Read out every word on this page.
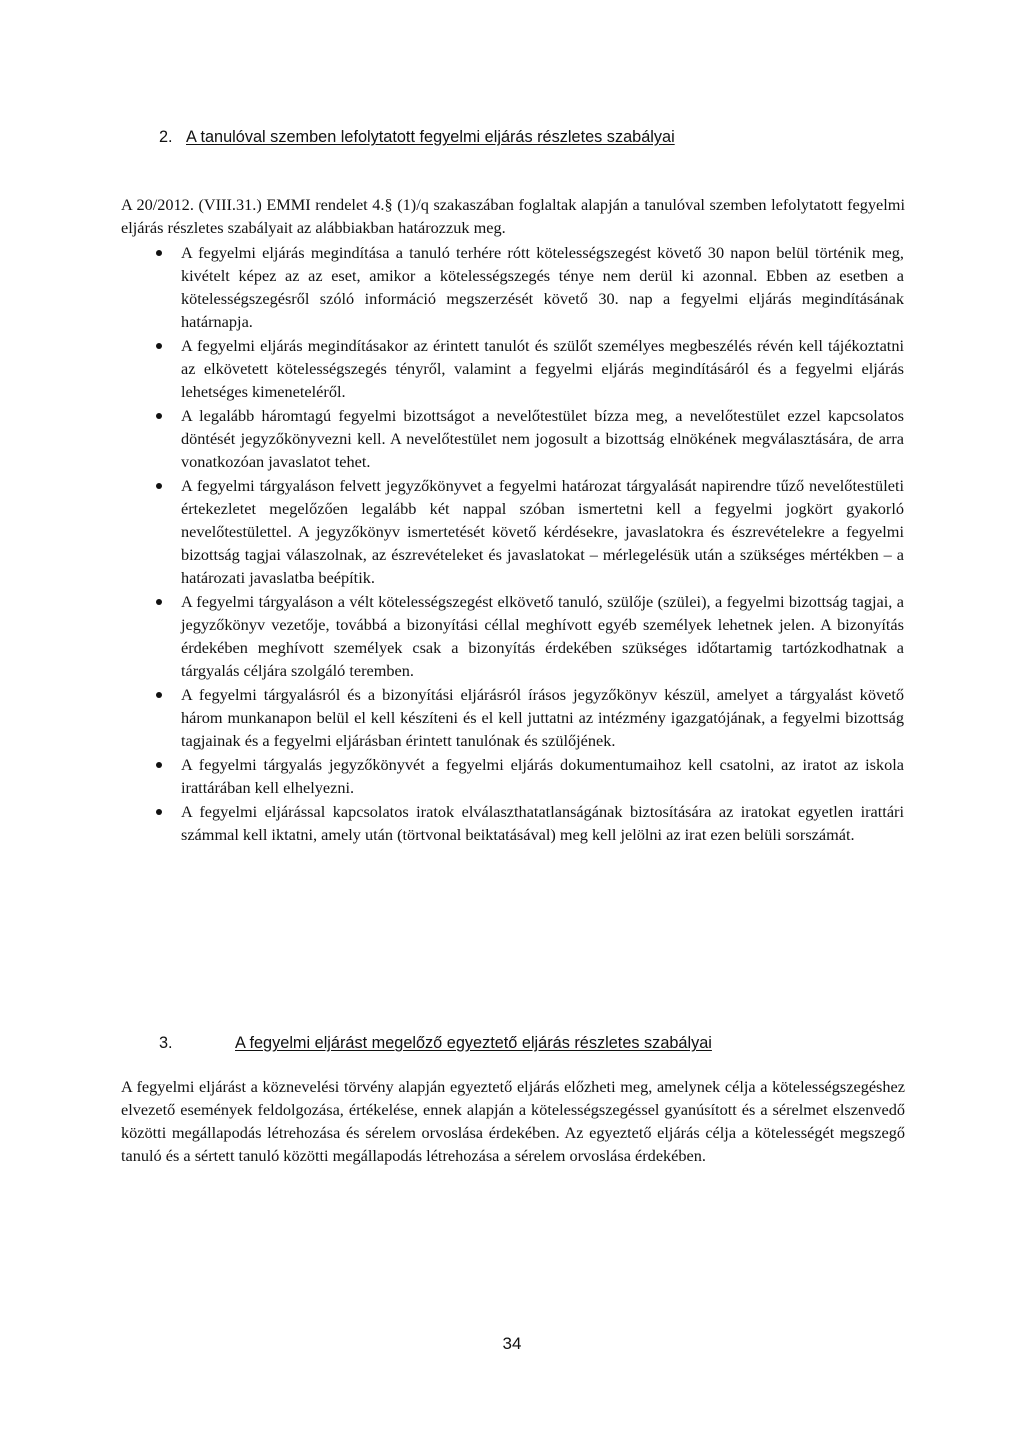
2. A tanulóval szemben lefolytatott fegyelmi eljárás részletes szabályai

A 20/2012. (VIII.31.) EMMI rendelet 4.§ (1)/q szakaszában foglaltak alapján a tanulóval szemben lefolytatott fegyelmi eljárás részletes szabályait az alábbiakban határozzuk meg.

A fegyelmi eljárás megindítása a tanuló terhére rótt kötelességszegést követő 30 napon belül történik meg, kivételt képez az az eset, amikor a kötelességszegés ténye nem derül ki azonnal. Ebben az esetben a kötelességszegésről szóló információ megszerzését követő 30. nap a fegyelmi eljárás megindításának határnapja.
A fegyelmi eljárás megindításakor az érintett tanulót és szülőt személyes megbeszélés révén kell tájékoztatni az elkövetett kötelességszegés tényről, valamint a fegyelmi eljárás megindításáról és a fegyelmi eljárás lehetséges kimeneteléről.
A legalább háromtagú fegyelmi bizottságot a nevelőtestület bízza meg, a nevelőtestület ezzel kapcsolatos döntését jegyzőkönyvezni kell. A nevelőtestület nem jogosult a bizottság elnökének megválasztására, de arra vonatkozóan javaslatot tehet.
A fegyelmi tárgyaláson felvett jegyzőkönyvet a fegyelmi határozat tárgyalását napirendre tűző nevelőtestületi értekezletet megelőzően legalább két nappal szóban ismertetni kell a fegyelmi jogkört gyakorló nevelőtestülettel. A jegyzőkönyv ismertetését követő kérdésekre, javaslatokra és észrevételekre a fegyelmi bizottság tagjai válaszolnak, az észrevételeket és javaslatokat – mérlegelésük után a szükséges mértékben – a határozati javaslatba beépítik.
A fegyelmi tárgyaláson a vélt kötelességszegést elkövető tanuló, szülője (szülei), a fegyelmi bizottság tagjai, a jegyzőkönyv vezetője, továbbá a bizonyítási céllal meghívott egyéb személyek lehetnek jelen. A bizonyítás érdekében meghívott személyek csak a bizonyítás érdekében szükséges időtartamig tartózkodhatnak a tárgyalás céljára szolgáló teremben.
A fegyelmi tárgyalásról és a bizonyítási eljárásról írásos jegyzőkönyv készül, amelyet a tárgyalást követő három munkanapon belül el kell készíteni és el kell juttatni az intézmény igazgatójának, a fegyelmi bizottság tagjainak és a fegyelmi eljárásban érintett tanulónak és szülőjének.
A fegyelmi tárgyalás jegyzőkönyvét a fegyelmi eljárás dokumentumaihoz kell csatolni, az iratot az iskola irattárában kell elhelyezni.
A fegyelmi eljárással kapcsolatos iratok elválaszthatatlanságának biztosítására az iratokat egyetlen irattári számmal kell iktatni, amely után (törtvonal beiktatásával) meg kell jelölni az irat ezen belüli sorszámát.
3.	A fegyelmi eljárást megelőző egyeztető eljárás részletes szabályai

A fegyelmi eljárást a köznevelési törvény alapján egyeztető eljárás előzheti meg, amelynek célja a kötelességszegéshez elvezető események feldolgozása, értékelése, ennek alapján a kötelességszegéssel gyanúsított és a sérelmet elszenvedő közötti megállapodás létrehozása és sérelem orvoslása érdekében. Az egyeztető eljárás célja a kötelességét megszegő tanuló és a sértett tanuló közötti megállapodás létrehozása a sérelem orvoslása érdekében.

34
